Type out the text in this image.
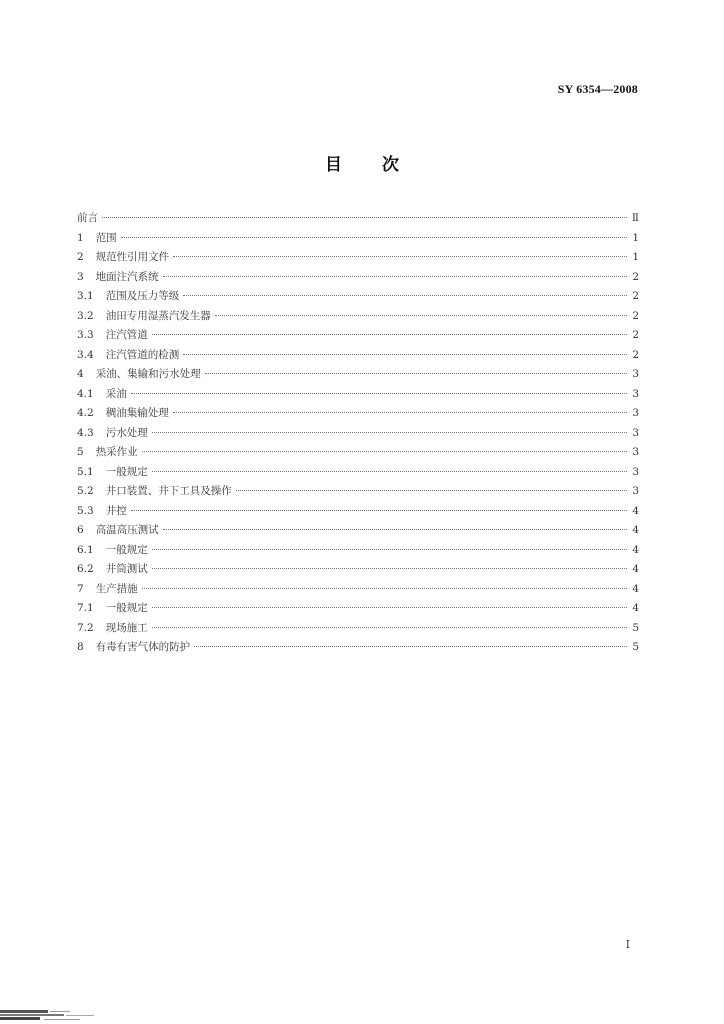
SY 6354—2008
目 次
前言	Ⅱ
1 范围	1
2 规范性引用文件	1
3 地面注汽系统	2
3.1 范围及压力等级	2
3.2 油田专用湿蒸汽发生器	2
3.3 注汽管道	2
3.4 注汽管道的检测	2
4 采油、集输和污水处理	3
4.1 采油	3
4.2 稠油集输处理	3
4.3 污水处理	3
5 热采作业	3
5.1 一般规定	3
5.2 井口装置、井下工具及操作	3
5.3 井控	4
6 高温高压测试	4
6.1 一般规定	4
6.2 井筒测试	4
7 生产措施	4
7.1 一般规定	4
7.2 现场施工	5
8 有毒有害气体的防护	5
Ⅰ
